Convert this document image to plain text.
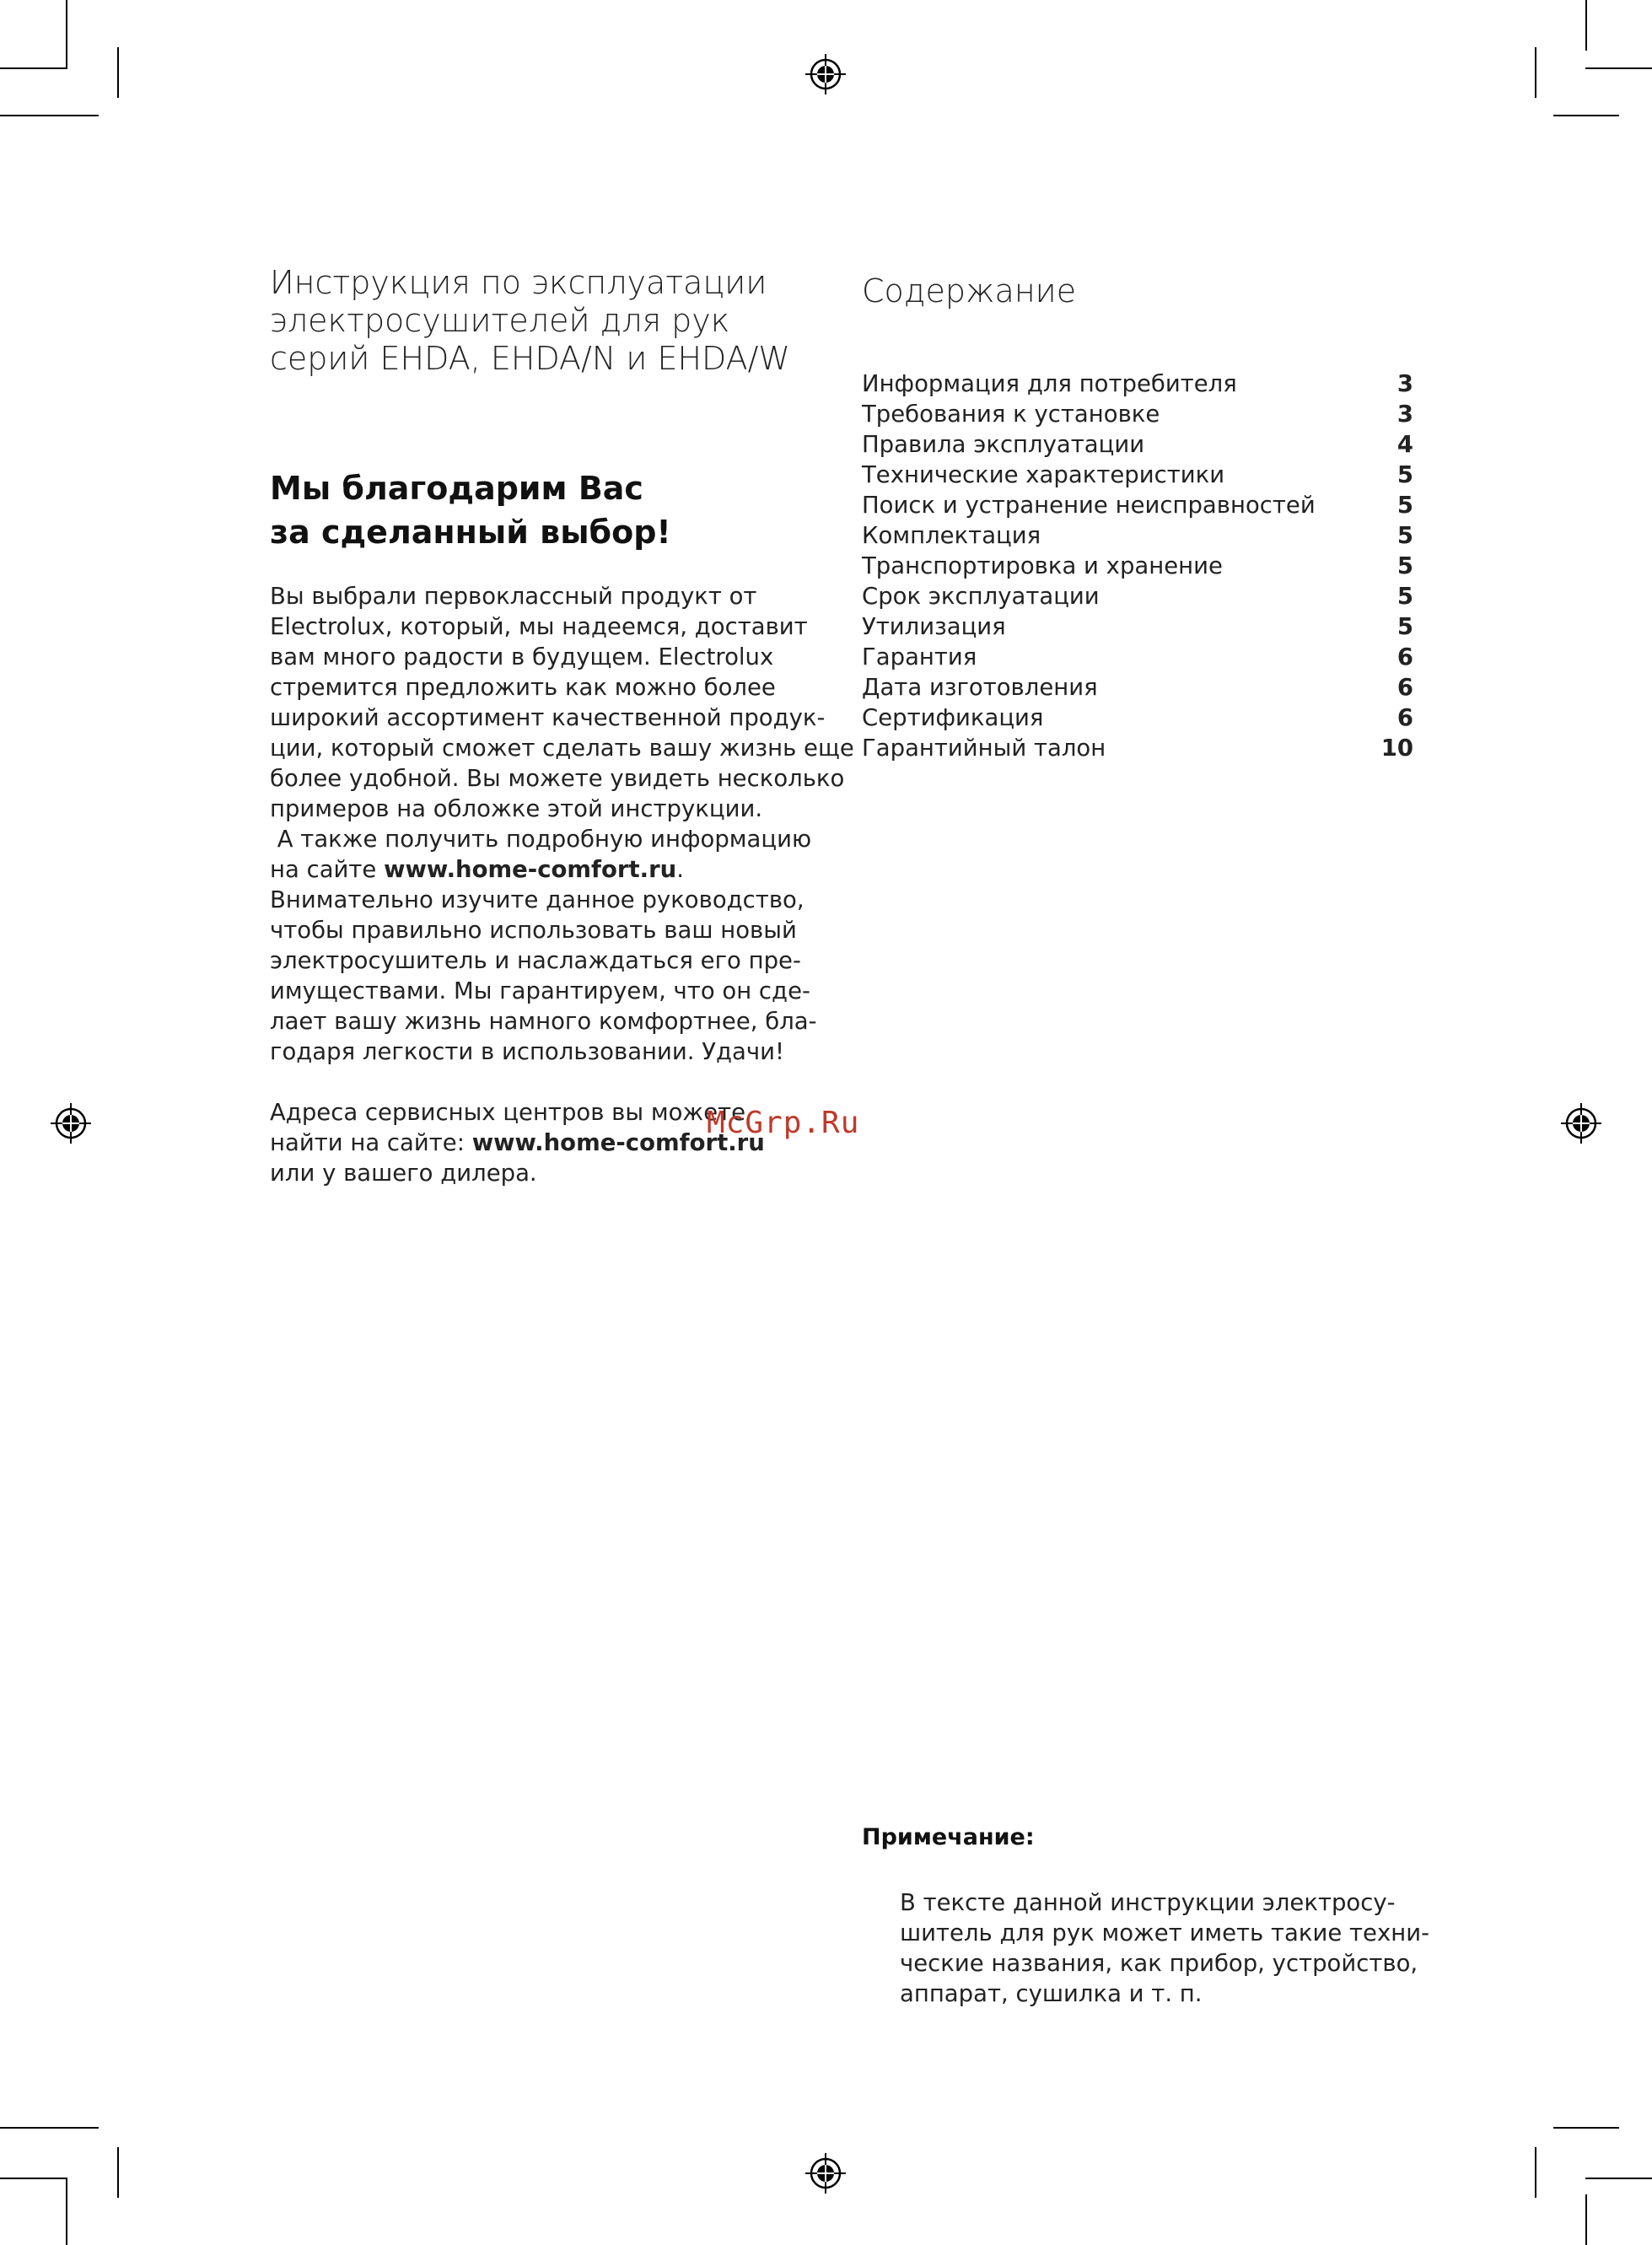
Инструкция по эксплуатации
электросушителей для рук
серий EHDA, EHDA/N и EHDA/W
Мы благодарим Вас
за сделанный выбор!
Вы выбрали первоклассный продукт от
Electrolux, который, мы надеемся, доставит
вам много радости в будущем. Electrolux
стремится предложить как можно более
широкий ассортимент качественной продук-
ции, который сможет сделать вашу жизнь еще
более удобной. Вы можете увидеть несколько
примеров на обложке этой инструкции.
А также получить подробную информацию
на сайте www.home-comfort.ru.
Внимательно изучите данное руководство,
чтобы правильно использовать ваш новый
электросушитель и наслаждаться его пре-
имуществами. Мы гарантируем, что он сде-
лает вашу жизнь намного комфортнее, бла-
годаря легкости в использовании. Удачи!
Адреса сервисных центров вы можете
найти на сайте: www.home-comfort.ru
или у вашего дилера.
McGrp.Ru
Содержание
Информация для потребителя	3
Требования к установке	3
Правила эксплуатации	4
Технические характеристики	5
Поиск и устранение неисправностей	5
Комплектация	5
Транспортировка и хранение	5
Срок эксплуатации	5
Утилизация	5
Гарантия	6
Дата изготовления	6
Сертификация	6
Гарантийный талон	10
Примечание:
В тексте данной инструкции электросу-
шитель для рук может иметь такие техни-
ческие названия, как прибор, устройство,
аппарат, сушилка и т. п.
